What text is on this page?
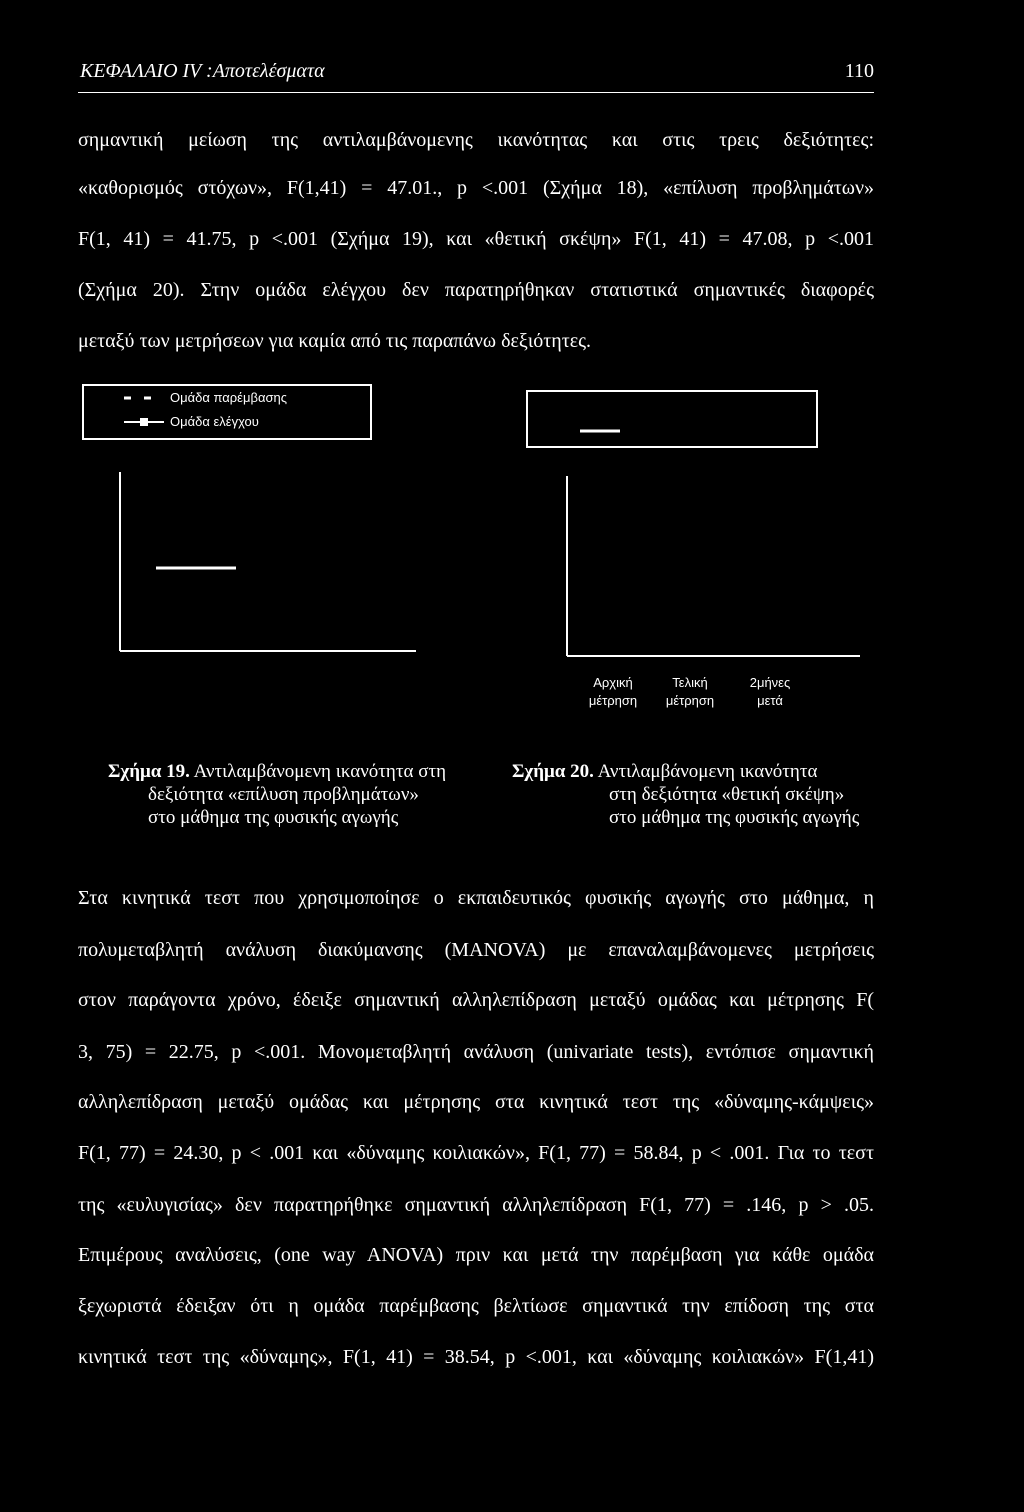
ΚΕΦΑΛΑΙΟ IV :Αποτελέσματα	110

σημαντική μείωση της αντιλαμβάνομενης ικανότητας και στις τρεις δεξιότητες:

«καθορισμός στόχων», F(1,41) = 47.01., p <.001 (Σχήμα 18), «επίλυση προβλημάτων»

F(1, 41) = 41.75, p <.001 (Σχήμα 19), και «θετική σκέψη» F(1, 41) = 47.08, p <.001

(Σχήμα 20). Στην ομάδα ελέγχου δεν παρατηρήθηκαν στατιστικά σημαντικές διαφορές

μεταξύ των μετρήσεων για καμία από τις παραπάνω δεξιότητες.

Ομάδα παρέμβασης
Ομάδα ελέγχου
Αρχική
μέτρηση
Τελική
μέτρηση
2μήνες
μετά
Σχήμα 19. Αντιλαμβάνομενη ικανότητα στη
δεξιότητα «επίλυση προβλημάτων»
στο μάθημα της φυσικής αγωγής
Σχήμα 20. Αντιλαμβάνομενη ικανότητα
στη δεξιότητα «θετική σκέψη»
στο μάθημα της φυσικής αγωγής

Στα κινητικά τεστ που χρησιμοποίησε ο εκπαιδευτικός φυσικής αγωγής στο μάθημα, η

πολυμεταβλητή ανάλυση διακύμανσης (MANOVA) με επαναλαμβάνομενες μετρήσεις

στον παράγοντα χρόνο, έδειξε σημαντική αλληλεπίδραση μεταξύ ομάδας και μέτρησης F(

3, 75) = 22.75, p <.001. Μονομεταβλητή ανάλυση (univariate tests), εντόπισε σημαντική

αλληλεπίδραση μεταξύ ομάδας και μέτρησης στα κινητικά τεστ της «δύναμης-κάμψεις»

F(1, 77) = 24.30, p < .001 και «δύναμης κοιλιακών», F(1, 77) = 58.84, p < .001. Για το τεστ

της «ευλυγισίας» δεν παρατηρήθηκε σημαντική αλληλεπίδραση F(1, 77) = .146, p > .05.

Επιμέρους αναλύσεις, (one way ANOVA) πριν και μετά την παρέμβαση για κάθε ομάδα

ξεχωριστά έδειξαν ότι η ομάδα παρέμβασης βελτίωσε σημαντικά την επίδοση της στα

κινητικά τεστ της «δύναμης», F(1, 41) = 38.54, p <.001, και «δύναμης κοιλιακών» F(1,41)
